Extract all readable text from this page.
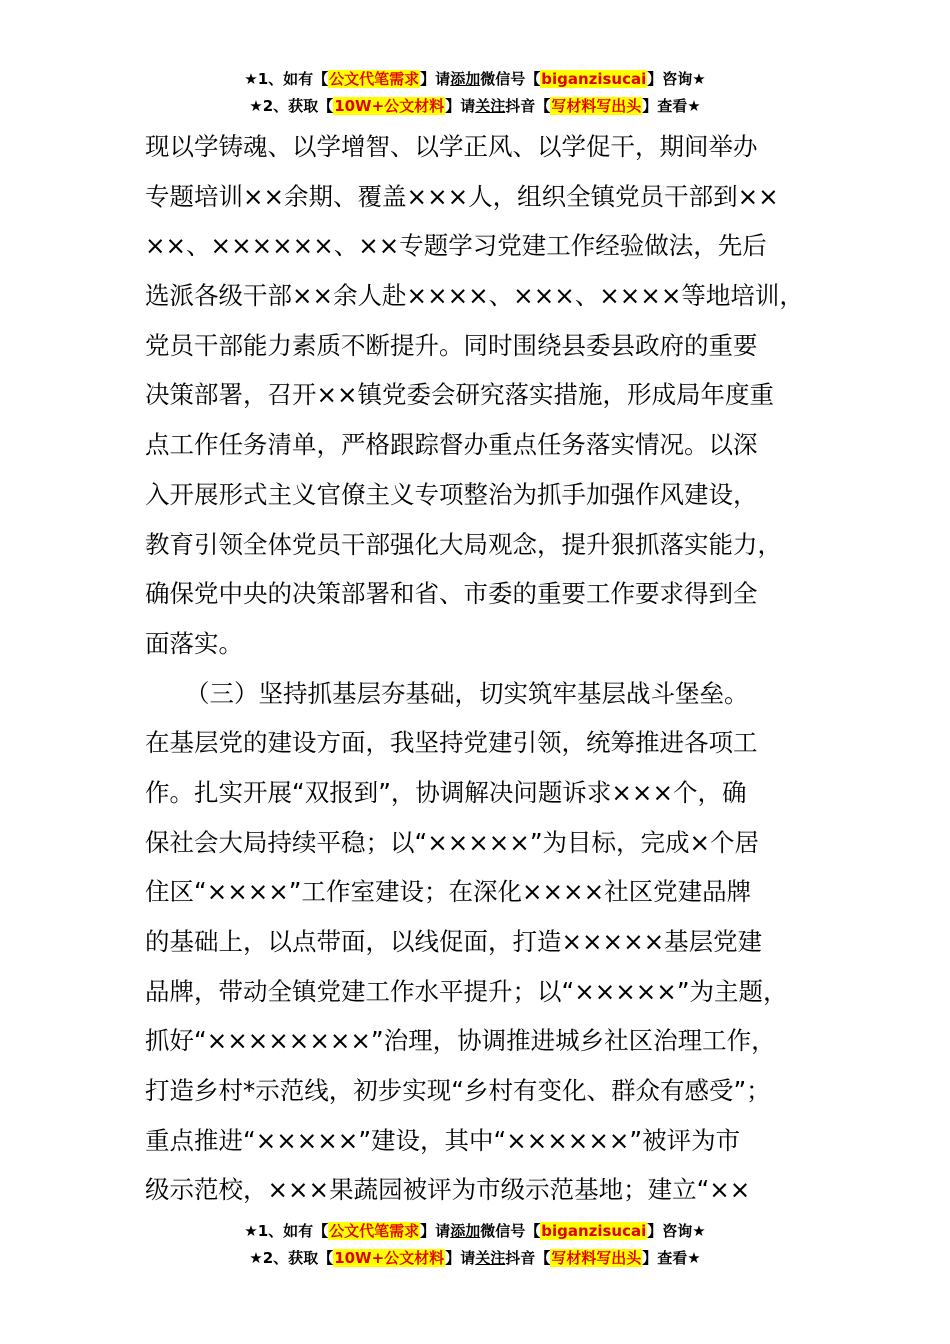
★1、如有【公文代笔需求】请添加微信号【biganzisucai】咨询★
★2、获取【10W+公文材料】请关注抖音【写材料写出头】查看★
现以学铸魂、以学增智、以学正风、以学促干，期间举办
专题培训××余期、覆盖×××人，组织全镇党员干部到××
××、××××××、××专题学习党建工作经验做法，先后
选派各级干部××余人赴××××、×××、××××等地培训，
党员干部能力素质不断提升。同时围绕县委县政府的重要
决策部署，召开××镇党委会研究落实措施，形成局年度重
点工作任务清单，严格跟踪督办重点任务落实情况。以深
入开展形式主义官僚主义专项整治为抓手加强作风建设，
教育引领全体党员干部强化大局观念，提升狠抓落实能力，
确保党中央的决策部署和省、市委的重要工作要求得到全
面落实。
（三）坚持抓基层夯基础，切实筑牢基层战斗堡垒。
在基层党的建设方面，我坚持党建引领，统筹推进各项工
作。扎实开展“双报到”，协调解决问题诉求×××个，确
保社会大局持续平稳；以“×××××”为目标，完成×个居
住区“××××”工作室建设；在深化××××社区党建品牌
的基础上，以点带面，以线促面，打造×××××基层党建
品牌，带动全镇党建工作水平提升；以“×××××”为主题，
抓好“××××××××”治理，协调推进城乡社区治理工作，
打造乡村*示范线，初步实现“乡村有变化、群众有感受”；
重点推进“×××××”建设，其中“××××××”被评为市
级示范校，×××果蔬园被评为市级示范基地；建立“××
★1、如有【公文代笔需求】请添加微信号【biganzisucai】咨询★
★2、获取【10W+公文材料】请关注抖音【写材料写出头】查看★
